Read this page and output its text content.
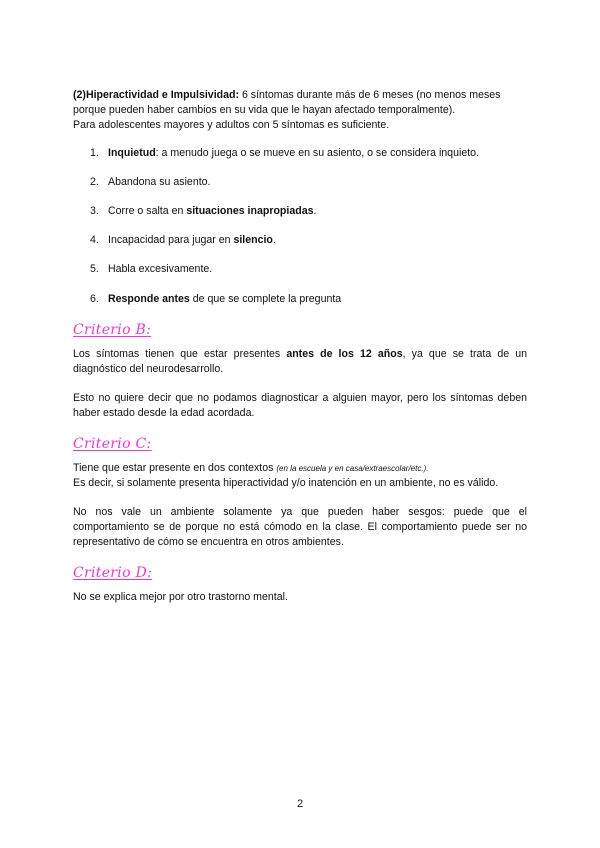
(2)Hiperactividad e Impulsividad: 6 síntomas durante más de 6 meses (no menos meses porque pueden haber cambios en su vida que le hayan afectado temporalmente).
Para adolescentes mayores y adultos con 5 síntomas es suficiente.
1. Inquietud: a menudo juega o se mueve en su asiento, o se considera inquieto.
2. Abandona su asiento.
3. Corre o salta en situaciones inapropiadas.
4. Incapacidad para jugar en silencio.
5. Habla excesivamente.
6. Responde antes de que se complete la pregunta
Criterio B:
Los síntomas tienen que estar presentes antes de los 12 años, ya que se trata de un diagnóstico del neurodesarrollo.
Esto no quiere decir que no podamos diagnosticar a alguien mayor, pero los síntomas deben haber estado desde la edad acordada.
Criterio C:
Tiene que estar presente en dos contextos (en la escuela y en casa/extraescolar/etc.).
Es decir, si solamente presenta hiperactividad y/o inatención en un ambiente, no es válido.
No nos vale un ambiente solamente ya que pueden haber sesgos: puede que el comportamiento se de porque no está cómodo en la clase. El comportamiento puede ser no representativo de cómo se encuentra en otros ambientes.
Criterio D:
No se explica mejor por otro trastorno mental.
2
